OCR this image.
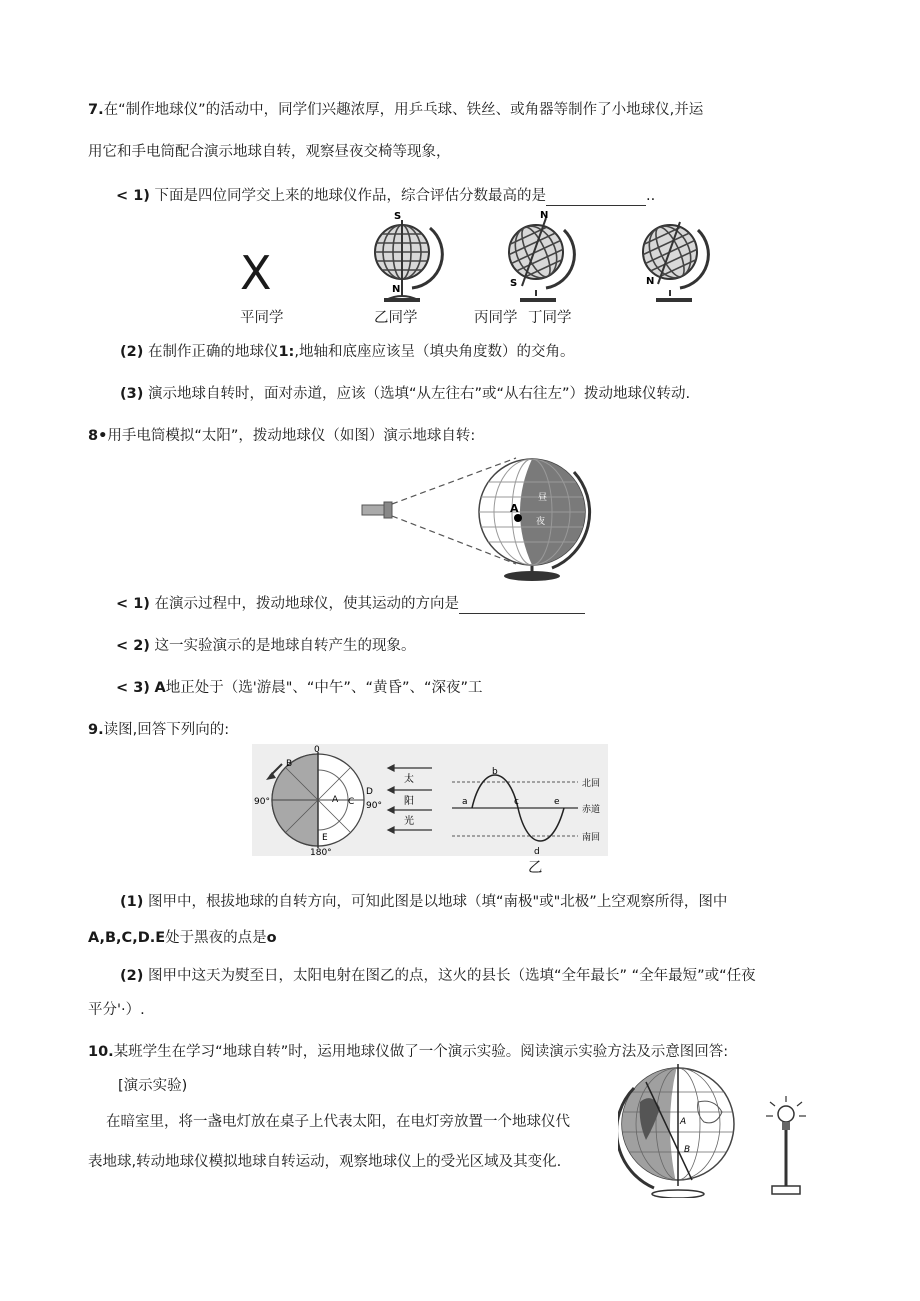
7.在“制作地球仪”的活动中，同学们兴趣浓厚，用乒乓球、铁丝、或角器等制作了小地球仪,并运
用它和手电筒配合演示地球自转，观察昼夜交椅等现象，
< 1) 下面是四位同学交上来的地球仪作品，综合评估分数最高的是	..
X
S
N
N
S	N
平同学	乙同学	丙同学 丁同学
(2) 在制作正确的地球仪1:,地轴和底座应该呈（填央角度数）的交角。
(3) 演示地球自转时，面对赤道，应该（选填“从左往右”或“从右往左”）拨动地球仪转动.
8•用手电筒模拟“太阳”，拨动地球仪（如图）演示地球自转:
A
昼
夜
< 1) 在演示过程中，拨动地球仪，使其运动的方向是
< 2) 这一实验演示的是地球自转产生的现象。
< 3) A地正处于（选'游晨"、“中午”、“黄昏”、“深夜”工
9.读图,回答下列向的:
0
180°
90°	90°
A
B
C
D
E
太
阳
光
a
b
c
d
e
北回
赤道
南回
乙
(1) 图甲中，根拔地球的自转方向，可知此图是以地球（填“南极"或"北极”上空观察所得，图中
A,B,C,D.E处于黑夜的点是o
(2) 图甲中这天为熨至日，太阳电射在图乙的点，这火的县长（选填“全年最长” “全年最短”或“任夜
平分'·）.
10.某班学生在学习“地球自转”时，运用地球仪做了一个演示实验。阅读演示实验方法及示意图回答:
[演示实验)
在暗室里，将一盏电灯放在桌子上代表太阳，在电灯旁放置一个地球仪代
表地球,转动地球仪模拟地球自转运动，观察地球仪上的受光区域及其变化.
A
B
